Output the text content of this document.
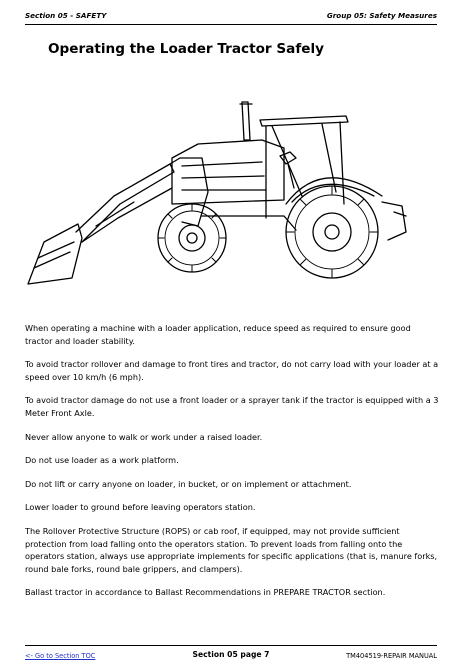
Section 05 - SAFETY	Group 05: Safety Measures
Operating the Loader Tractor Safely

When operating a machine with a loader application, reduce speed as required to ensure good tractor and loader stability.

To avoid tractor rollover and damage to front tires and tractor, do not carry load with your loader at a speed over 10 km/h (6 mph).

To avoid tractor damage do not use a front loader or a sprayer tank if the tractor is equipped with a 3 Meter Front Axle.

Never allow anyone to walk or work under a raised loader.

Do not use loader as a work platform.

Do not lift or carry anyone on loader, in bucket, or on implement or attachment.

Lower loader to ground before leaving operators station.

The Rollover Protective Structure (ROPS) or cab roof, if equipped, may not provide sufficient protection from load falling onto the operators station. To prevent loads from falling onto the operators station, always use appropriate implements for specific applications (that is, manure forks, round bale forks, round bale grippers, and clampers).

Ballast tractor in accordance to Ballast Recommendations in PREPARE TRACTOR section.

<- Go to Section TOC	Section 05 page 7	TM404519-REPAIR MANUAL
